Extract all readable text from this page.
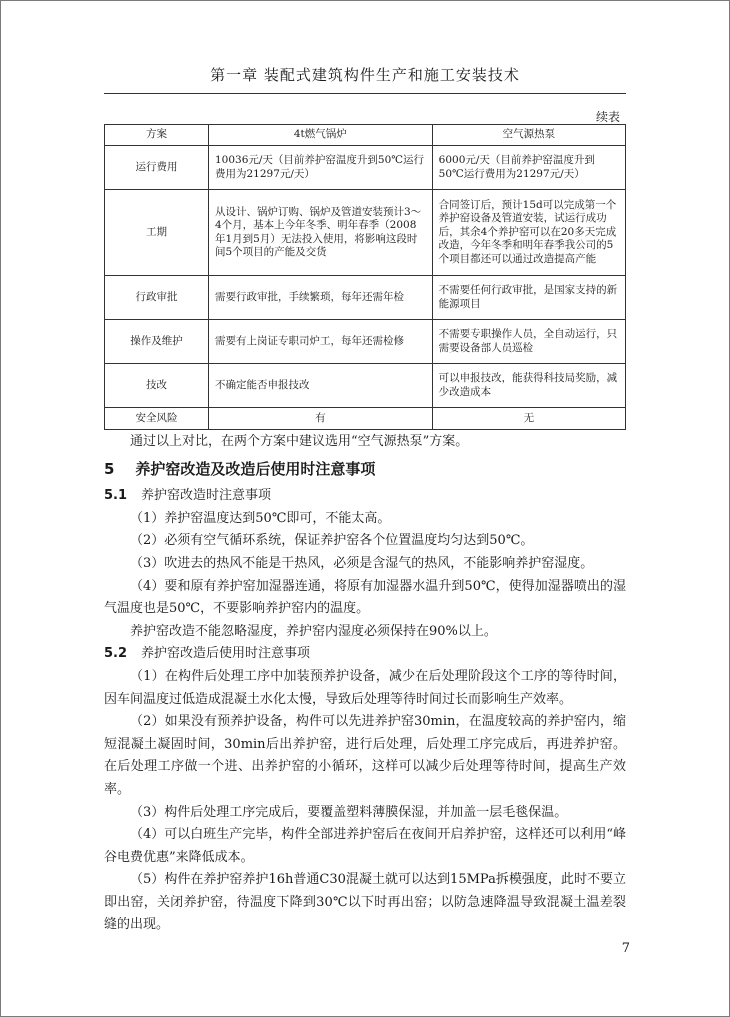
第一章 装配式建筑构件生产和施工安装技术
续表
方案	4t燃气锅炉	空气源热泵
运行费用	10036元/天（目前养护窑温度升到50℃运行费用为21297元/天）	6000元/天（目前养护窑温度升到50℃运行费用为21297元/天）
工期	从设计、锅炉订购、锅炉及管道安装预计3～4个月，基本上今年冬季、明年春季（2008年1月到5月）无法投入使用，将影响这段时间5个项目的产能及交货	合同签订后，预计15d可以完成第一个养护窑设备及管道安装，试运行成功后，其余4个养护窑可以在20多天完成改造，今年冬季和明年春季我公司的5个项目都还可以通过改造提高产能
行政审批	需要行政审批，手续繁琐，每年还需年检	不需要任何行政审批，是国家支持的新能源项目
操作及维护	需要有上岗证专职司炉工，每年还需检修	不需要专职操作人员，全自动运行，只需要设备部人员巡检
技改	不确定能否申报技改	可以申报技改，能获得科技局奖励，减少改造成本
安全风险	有	无

通过以上对比，在两个方案中建议选用“空气源热泵”方案。

5 养护窑改造及改造后使用时注意事项

5.1 养护窑改造时注意事项

（1）养护窑温度达到50℃即可，不能太高。

（2）必须有空气循环系统，保证养护窑各个位置温度均匀达到50℃。

（3）吹进去的热风不能是干热风，必须是含湿气的热风，不能影响养护窑湿度。

（4）要和原有养护窑加湿器连通，将原有加湿器水温升到50℃，使得加湿器喷出的湿气温度也是50℃，不要影响养护窑内的温度。

养护窑改造不能忽略湿度，养护窑内湿度必须保持在90%以上。

5.2 养护窑改造后使用时注意事项

（1）在构件后处理工序中加装预养护设备，减少在后处理阶段这个工序的等待时间，因车间温度过低造成混凝土水化太慢，导致后处理等待时间过长而影响生产效率。

（2）如果没有预养护设备，构件可以先进养护窑30min，在温度较高的养护窑内，缩短混凝土凝固时间，30min后出养护窑，进行后处理，后处理工序完成后，再进养护窑。在后处理工序做一个进、出养护窑的小循环，这样可以减少后处理等待时间，提高生产效率。

（3）构件后处理工序完成后，要覆盖塑料薄膜保湿，并加盖一层毛毯保温。

（4）可以白班生产完毕，构件全部进养护窑后在夜间开启养护窑，这样还可以利用“峰谷电费优惠”来降低成本。

（5）构件在养护窑养护16h普通C30混凝土就可以达到15MPa拆模强度，此时不要立即出窑，关闭养护窑，待温度下降到30℃以下时再出窑；以防急速降温导致混凝土温差裂缝的出现。

7
